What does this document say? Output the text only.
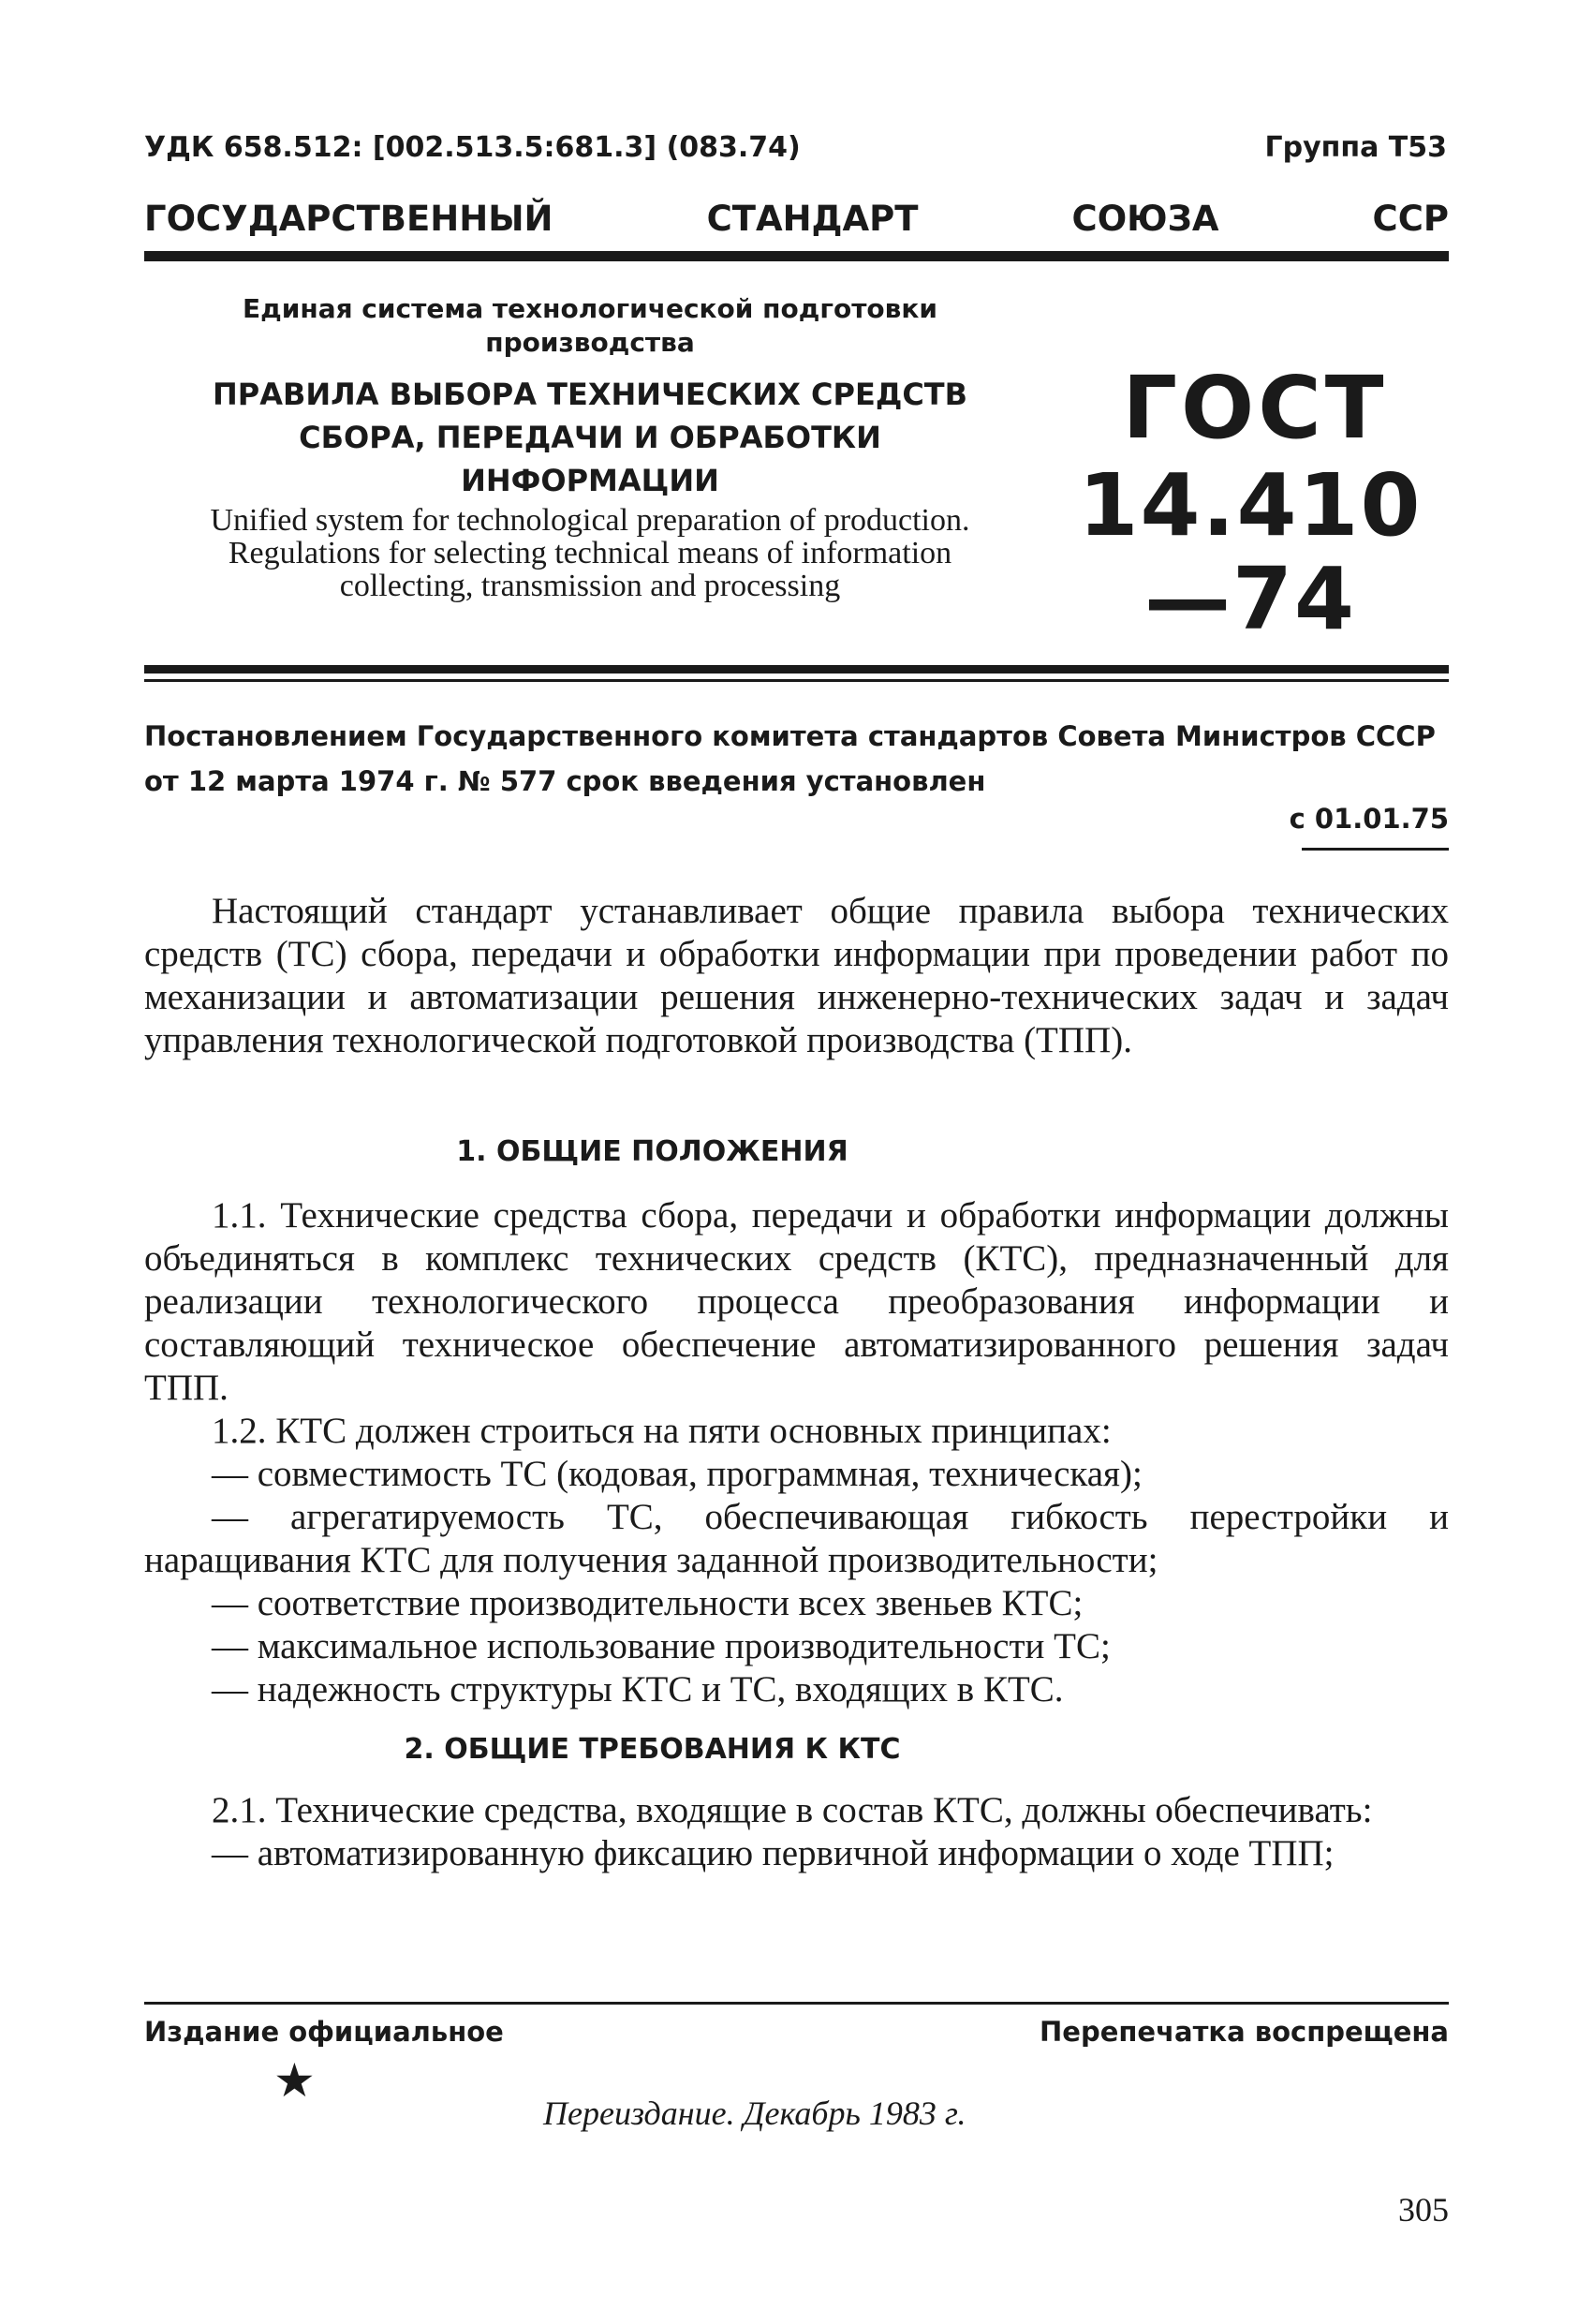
УДК 658.512: [002.513.5:681.3] (083.74)	Группа Т53
ГОСУДАРСТВЕННЫЙ	СТАНДАРТ	СОЮЗА	ССР
Единая система технологической подготовки производства
ПРАВИЛА ВЫБОРА ТЕХНИЧЕСКИХ СРЕДСТВ СБОРА, ПЕРЕДАЧИ И ОБРАБОТКИ ИНФОРМАЦИИ
Unified system for technological preparation of production. Regulations for selecting technical means of information collecting, transmission and processing
ГОСТ
14.410—74
Постановлением Государственного комитета стандартов Совета Министров СССР от 12 марта 1974 г. № 577 срок введения установлен
с 01.01.75
Настоящий стандарт устанавливает общие правила выбора технических средств (ТС) сбора, передачи и обработки информации при проведении работ по механизации и автоматизации решения инженерно-технических задач и задач управления технологической подготовкой производства (ТПП).
1. ОБЩИЕ ПОЛОЖЕНИЯ

1.1. Технические средства сбора, передачи и обработки информации должны объединяться в комплекс технических средств (КТС), предназначенный для реализации технологического процесса преобразования информации и составляющий техническое обеспечение автоматизированного решения задач ТПП.

1.2. КТС должен строиться на пяти основных принципах:

— совместимость ТС (кодовая, программная, техническая);

— агрегатируемость ТС, обеспечивающая гибкость перестройки и наращивания КТС для получения заданной производительности;

— соответствие производительности всех звеньев КТС;

— максимальное использование производительности ТС;

— надежность структуры КТС и ТС, входящих в КТС.

2. ОБЩИЕ ТРЕБОВАНИЯ К КТС

2.1. Технические средства, входящие в состав КТС, должны обеспечивать:

— автоматизированную фиксацию первичной информации о ходе ТПП;

Издание официальное	Перепечатка воспрещена
★
Переиздание. Декабрь 1983 г.
305
